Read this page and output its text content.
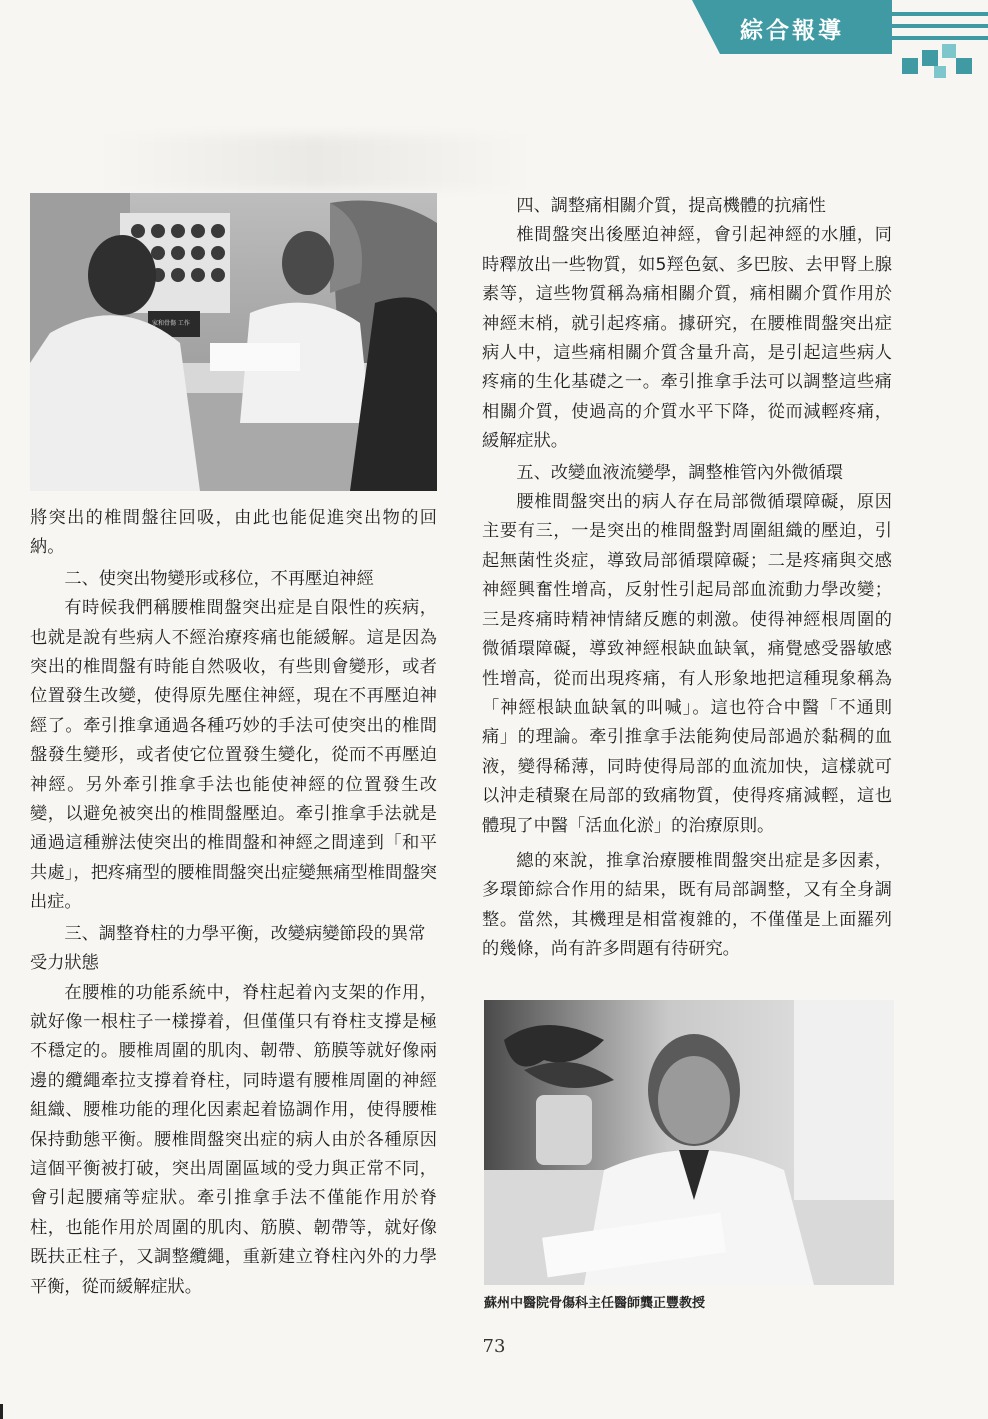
綜合報導
家和骨傷 工作

將突出的椎間盤往回吸，由此也能促進突出物的回納。

二、使突出物變形或移位，不再壓迫神經

有時候我們稱腰椎間盤突出症是自限性的疾病，也就是說有些病人不經治療疼痛也能緩解。這是因為突出的椎間盤有時能自然吸收，有些則會變形，或者位置發生改變，使得原先壓住神經，現在不再壓迫神經了。牽引推拿通過各種巧妙的手法可使突出的椎間盤發生變形，或者使它位置發生變化，從而不再壓迫神經。另外牽引推拿手法也能使神經的位置發生改變，以避免被突出的椎間盤壓迫。牽引推拿手法就是通過這種辦法使突出的椎間盤和神經之間達到「和平共處」，把疼痛型的腰椎間盤突出症變無痛型椎間盤突出症。

三、調整脊柱的力學平衡，改變病變節段的異常受力狀態

在腰椎的功能系統中，脊柱起着內支架的作用，就好像一根柱子一樣撐着，但僅僅只有脊柱支撐是極不穩定的。腰椎周圍的肌肉、韌帶、筋膜等就好像兩邊的纜繩牽拉支撐着脊柱，同時還有腰椎周圍的神經組織、腰椎功能的理化因素起着協調作用，使得腰椎保持動態平衡。腰椎間盤突出症的病人由於各種原因這個平衡被打破，突出周圍區域的受力與正常不同，會引起腰痛等症狀。牽引推拿手法不僅能作用於脊柱，也能作用於周圍的肌肉、筋膜、韌帶等，就好像既扶正柱子，又調整纜繩，重新建立脊柱內外的力學平衡，從而緩解症狀。

四、調整痛相關介質，提高機體的抗痛性

椎間盤突出後壓迫神經，會引起神經的水腫，同時釋放出一些物質，如5羥色氨、多巴胺、去甲腎上腺素等，這些物質稱為痛相關介質，痛相關介質作用於神經末梢，就引起疼痛。據研究，在腰椎間盤突出症病人中，這些痛相關介質含量升高，是引起這些病人疼痛的生化基礎之一。牽引推拿手法可以調整這些痛相關介質，使過高的介質水平下降，從而減輕疼痛，緩解症狀。

五、改變血液流變學，調整椎管內外微循環

腰椎間盤突出的病人存在局部微循環障礙，原因主要有三，一是突出的椎間盤對周圍組織的壓迫，引起無菌性炎症，導致局部循環障礙；二是疼痛與交感神經興奮性增高，反射性引起局部血流動力學改變；三是疼痛時精神情緒反應的刺激。使得神經根周圍的微循環障礙，導致神經根缺血缺氧，痛覺感受器敏感性增高，從而出現疼痛，有人形象地把這種現象稱為「神經根缺血缺氧的叫喊」。這也符合中醫「不通則痛」的理論。牽引推拿手法能夠使局部過於黏稠的血液，變得稀薄，同時使得局部的血流加快，這樣就可以沖走積聚在局部的致痛物質，使得疼痛減輕，這也體現了中醫「活血化淤」的治療原則。

總的來說，推拿治療腰椎間盤突出症是多因素，多環節綜合作用的結果，既有局部調整，又有全身調整。當然，其機理是相當複雜的，不僅僅是上面羅列的幾條，尚有許多問題有待研究。

蘇州中醫院骨傷科主任醫師龔正豐教授
73
